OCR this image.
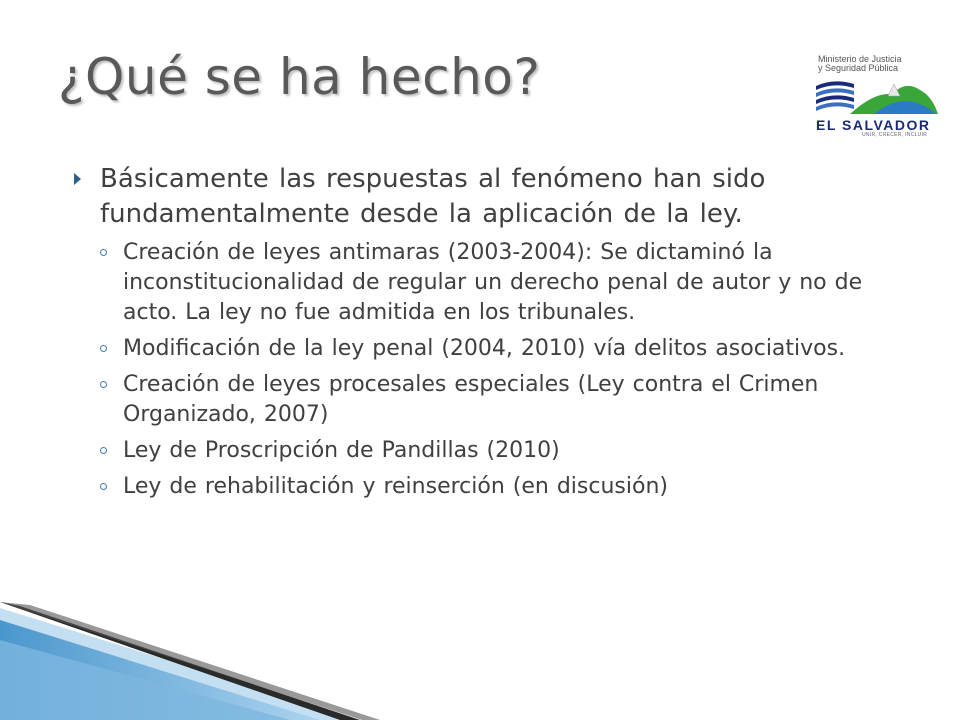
¿Qué se ha hecho?	Ministerio de Justicia
y Seguridad Pública
EL SALVADOR
UNIR, CRECER, INCLUIR
Básicamente las respuestas al fenómeno han sido fundamentalmente desde la aplicación de la ley.
Creación de leyes antimaras (2003-2004): Se dictaminó la inconstitucionalidad de regular un derecho penal de autor y no de acto. La ley no fue admitida en los tribunales.
Modificación de la ley penal (2004, 2010) vía delitos asociativos.
Creación de leyes procesales especiales (Ley contra el Crimen Organizado, 2007)
Ley de Proscripción de Pandillas (2010)
Ley de rehabilitación y reinserción (en discusión)
